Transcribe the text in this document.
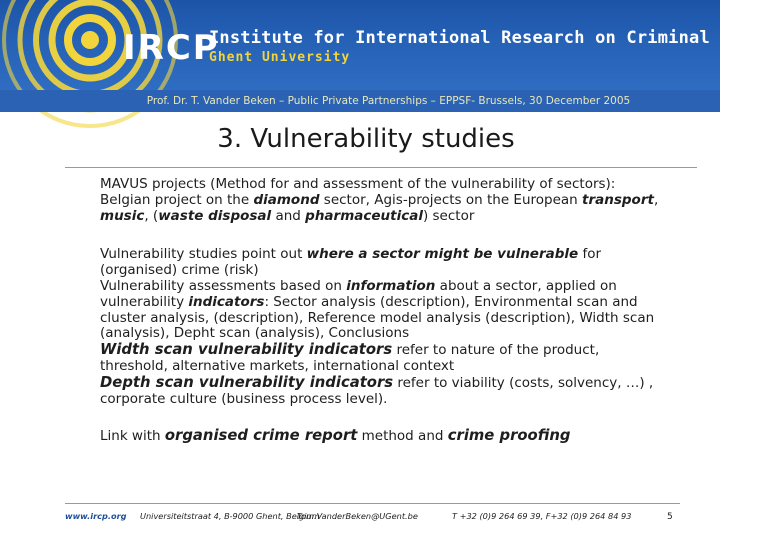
IRCP
Institute for International Research on Criminal Policy
Ghent University
Prof. Dr. T. Vander Beken – Public Private Partnerships – EPPSF- Brussels, 30 December 2005
3. Vulnerability studies

MAVUS projects (Method for and assessment of the vulnerability of sectors): Belgian project on the diamond sector, Agis-projects on the European transport, music, (waste disposal and pharmaceutical) sector

Vulnerability studies point out where a sector might be vulnerable for (organised) crime (risk)

Vulnerability assessments based on information about a sector, applied on vulnerability indicators: Sector analysis (description), Environmental scan and cluster analysis, (description), Reference model analysis (description), Width scan (analysis), Depht scan (analysis), Conclusions

Width scan vulnerability indicators refer to nature of the product, threshold, alternative markets, international context

Depth scan vulnerability indicators refer to viability (costs, solvency, …) , corporate culture (business process level).

Link with organised crime report method and crime proofing

www.ircp.org Universiteitstraat 4, B-9000 Ghent, Belgium
Tom.VanderBeken@UGent.be	T +32 (0)9 264 69 39, F+32 (0)9 264 84 93	5
